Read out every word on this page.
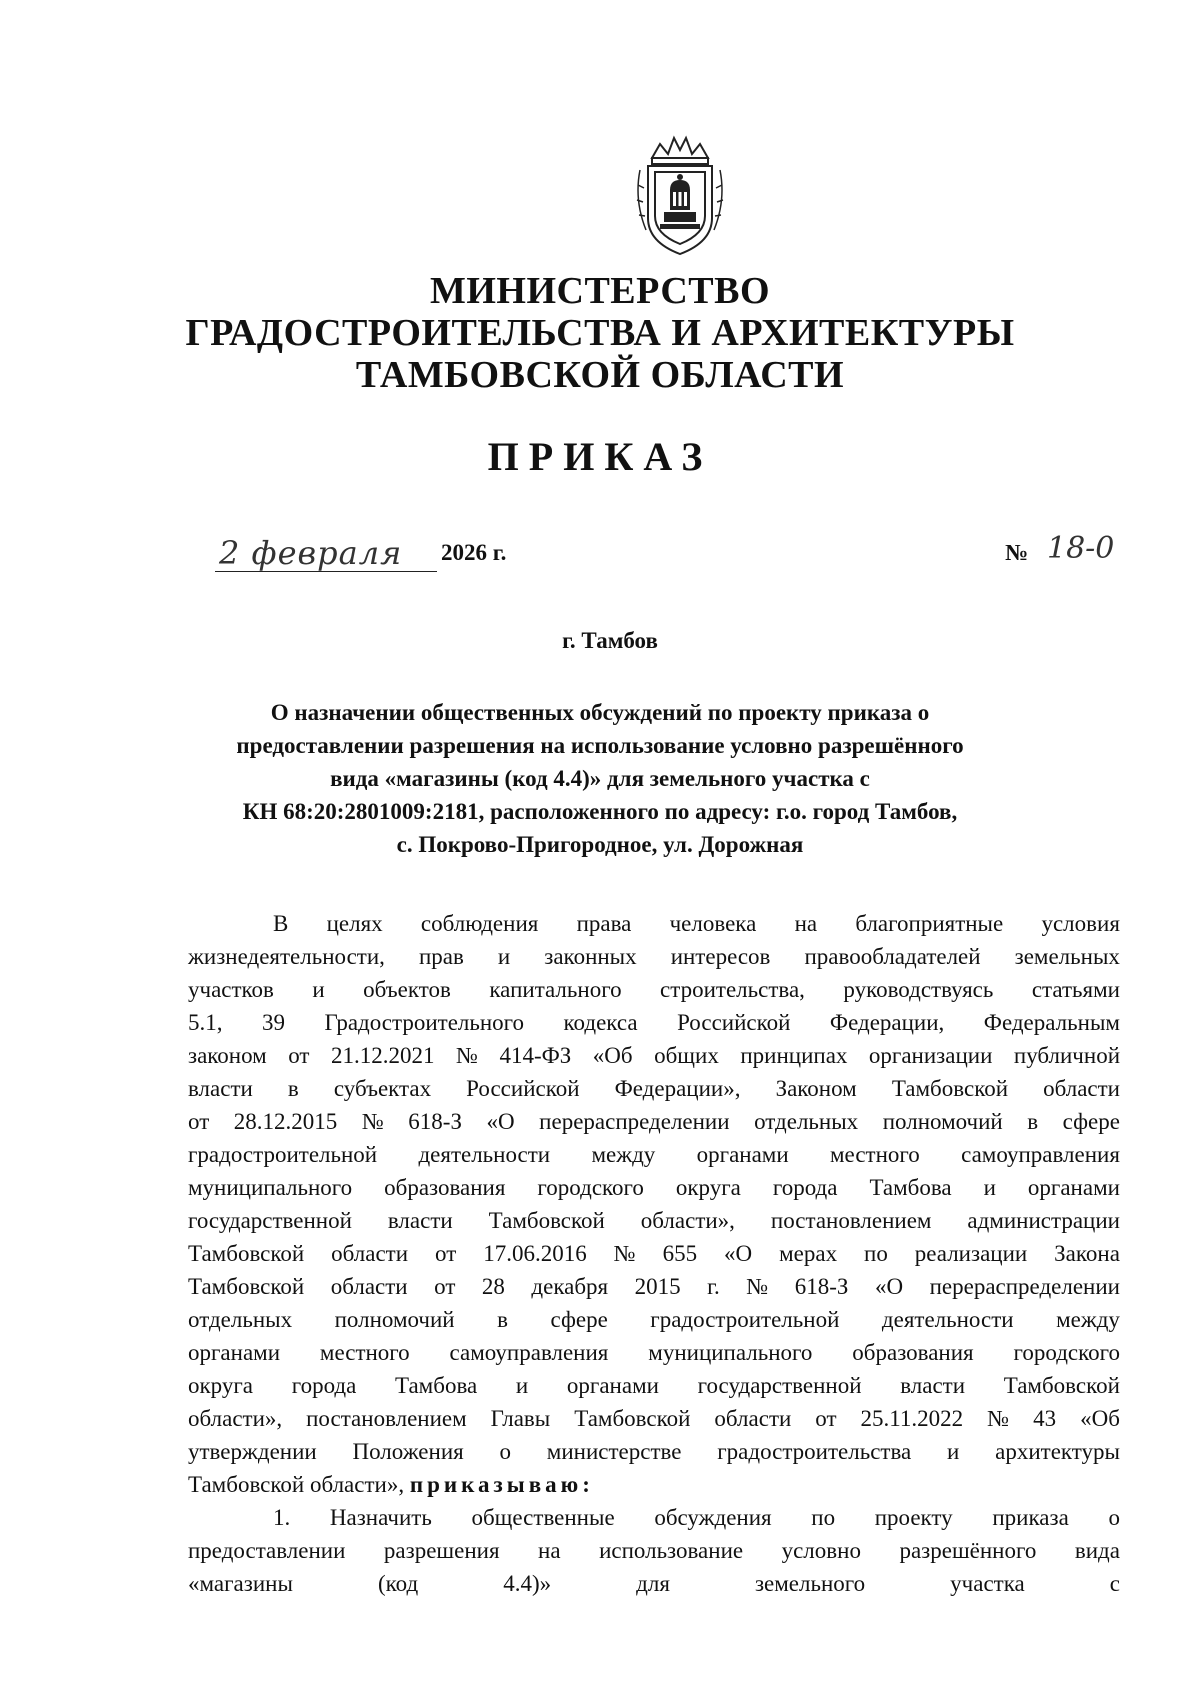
МИНИСТЕРСТВО
ГРАДОСТРОИТЕЛЬСТВА И АРХИТЕКТУРЫ
ТАМБОВСКОЙ ОБЛАСТИ
ПРИКАЗ
2 февраля	2026 г.	№ 18-0
г. Тамбов
О назначении общественных обсуждений по проекту приказа о
предоставлении разрешения на использование условно разрешённого
вида «магазины (код 4.4)» для земельного участка с
КН 68:20:2801009:2181, расположенного по адресу: г.о. город Тамбов,
с. Покрово-Пригородное, ул. Дорожная
В целях соблюдения права человека на благоприятные условия
жизнедеятельности, прав и законных интересов правообладателей земельных
участков и объектов капитального строительства, руководствуясь статьями
5.1, 39 Градостроительного кодекса Российской Федерации, Федеральным
законом от 21.12.2021 № 414-ФЗ «Об общих принципах организации публичной
власти в субъектах Российской Федерации», Законом Тамбовской области
от 28.12.2015 № 618-З «О перераспределении отдельных полномочий в сфере
градостроительной деятельности между органами местного самоуправления
муниципального образования городского округа города Тамбова и органами
государственной власти Тамбовской области», постановлением администрации
Тамбовской области от 17.06.2016 № 655 «О мерах по реализации Закона
Тамбовской области от 28 декабря 2015 г. № 618-З «О перераспределении
отдельных полномочий в сфере градостроительной деятельности между
органами местного самоуправления муниципального образования городского
округа города Тамбова и органами государственной власти Тамбовской
области», постановлением Главы Тамбовской области от 25.11.2022 № 43 «Об
утверждении Положения о министерстве градостроительства и архитектуры
Тамбовской области»,
приказываю:
1. Назначить общественные обсуждения по проекту приказа о
предоставлении разрешения на использование условно разрешённого вида
«магазины	(код	4.4)»	для	земельного	участка	с
